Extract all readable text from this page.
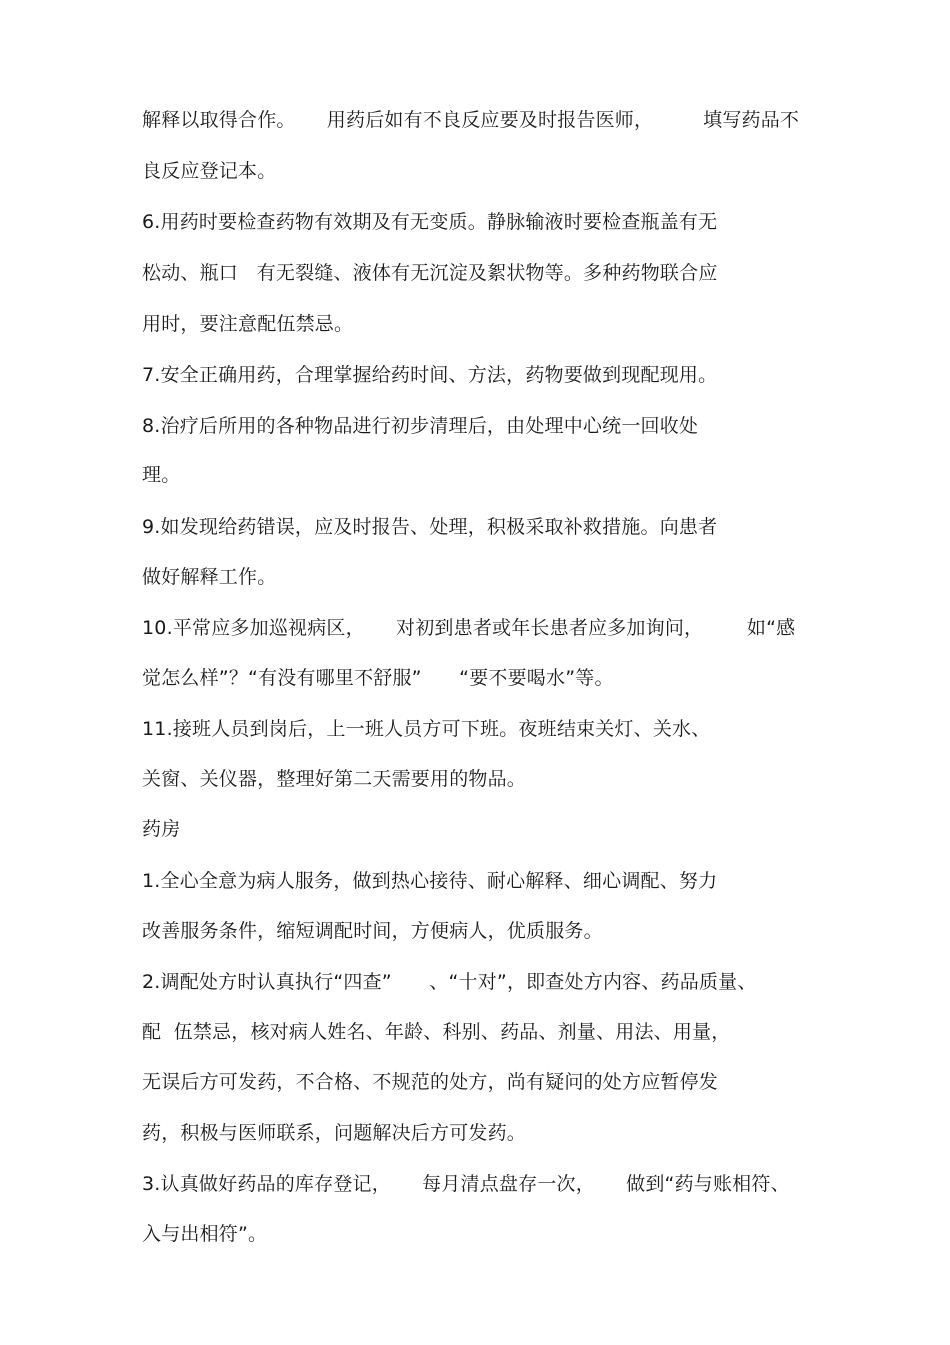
解释以取得合作。     用药后如有不良反应要及时报告医师，        填写药品不
良反应登记本。
6.用药时要检查药物有效期及有无变质。静脉输液时要检查瓶盖有无
松动、瓶口   有无裂缝、液体有无沉淀及絮状物等。多种药物联合应
用时，要注意配伍禁忌。
7.安全正确用药，合理掌握给药时间、方法，药物要做到现配现用。
8.治疗后所用的各种物品进行初步清理后，由处理中心统一回收处
理。
9.如发现给药错误，应及时报告、处理，积极采取补救措施。向患者
做好解释工作。
10.平常应多加巡视病区，     对初到患者或年长患者应多加询问，       如“感
觉怎么样”？“有没有哪里不舒服”      “要不要喝水”等。
11.接班人员到岗后，上一班人员方可下班。夜班结束关灯、关水、
关窗、关仪器，整理好第二天需要用的物品。
药房
1.全心全意为病人服务，做到热心接待、耐心解释、细心调配、努力
改善服务条件，缩短调配时间，方便病人，优质服务。
2.调配处方时认真执行“四查”      、“十对”，即查处方内容、药品质量、
配  伍禁忌，核对病人姓名、年龄、科别、药品、剂量、用法、用量，
无误后方可发药，不合格、不规范的处方，尚有疑问的处方应暂停发
药，积极与医师联系，问题解决后方可发药。
3.认真做好药品的库存登记，     每月清点盘存一次，     做到“药与账相符、
入与出相符”。
